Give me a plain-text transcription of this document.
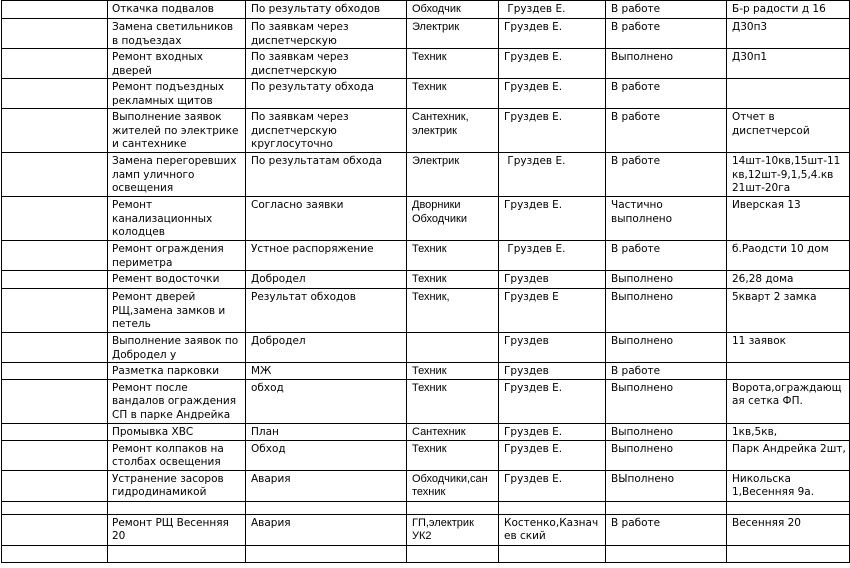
	Откачка подвалов	По результату обходов	Обходчик	Груздев Е.	В работе	Б-р радости д 16

	Замена светильников в подъездах	По заявкам через диспетчерскую	Электрик	Груздев Е.	В работе	Д30п3

	Ремонт входных дверей	По заявкам через диспетчерскую	Техник	Груздев Е.	Выполнено	Д30п1

	Ремонт подъездных рекламных щитов	По результату обхода	Техник	Груздев Е.	В работе	

	Выполнение заявок жителей по электрике и сантехнике	По заявкам через диспетчерскую круглосуточно	Сантехник, электрик	Груздев Е.	В работе	Отчет в диспетчерсой

	Замена перегоревших ламп уличного освещения	По результатам обхода	Электрик	Груздев Е.	В работе	14шт-10кв,15шт-11кв,12шт-9,1,5,4.кв 21шт-20га

	Ремонт канализационных колодцев	Согласно заявки	Дворники Обходчики	Груздев Е.	Частично выполнено	Иверская 13

	Ремонт ограждения периметра	Устное распоряжение	Техник	Груздев Е.	В работе	б.Раодсти 10 дом

	Ремент водосточки	Добродел	Техник	Груздев	Выполнено	26,28 дома

	Ремонт дверей РЩ,замена замков и петель	Результат обходов	Техник,	Груздев Е	Выполнено	5кварт 2 замка

	Выполнение заявок по Добродел у	Добродел		Груздев	Выполнено	11 заявок

	Разметка парковки	МЖ	Техник	Груздев	В работе	

	Ремонт после вандалов ограждения СП в парке Андрейка	обход	Техник	Груздев Е.	Выполнено	Ворота,ограждающая сетка ФП.

	Промывка ХВС	План	Сантехник	Груздев Е.	Выполнено	1кв,5кв,

	Ремонт колпаков на столбах освещения	Обход	Техник	Груздев Е.	Выполнено	Парк Андрейка 2шт,

	Устранение засоров гидродинамикой	Авария	Обходчики,сан техник	Груздев Е.	ВЫполнено	Никольска 1,Весенняя 9а.

	Ремонт РЩ Весенняя 20	Авария	ГП,электрик УК2	Костенко,Казначев ский	В работе	Весенняя 20
